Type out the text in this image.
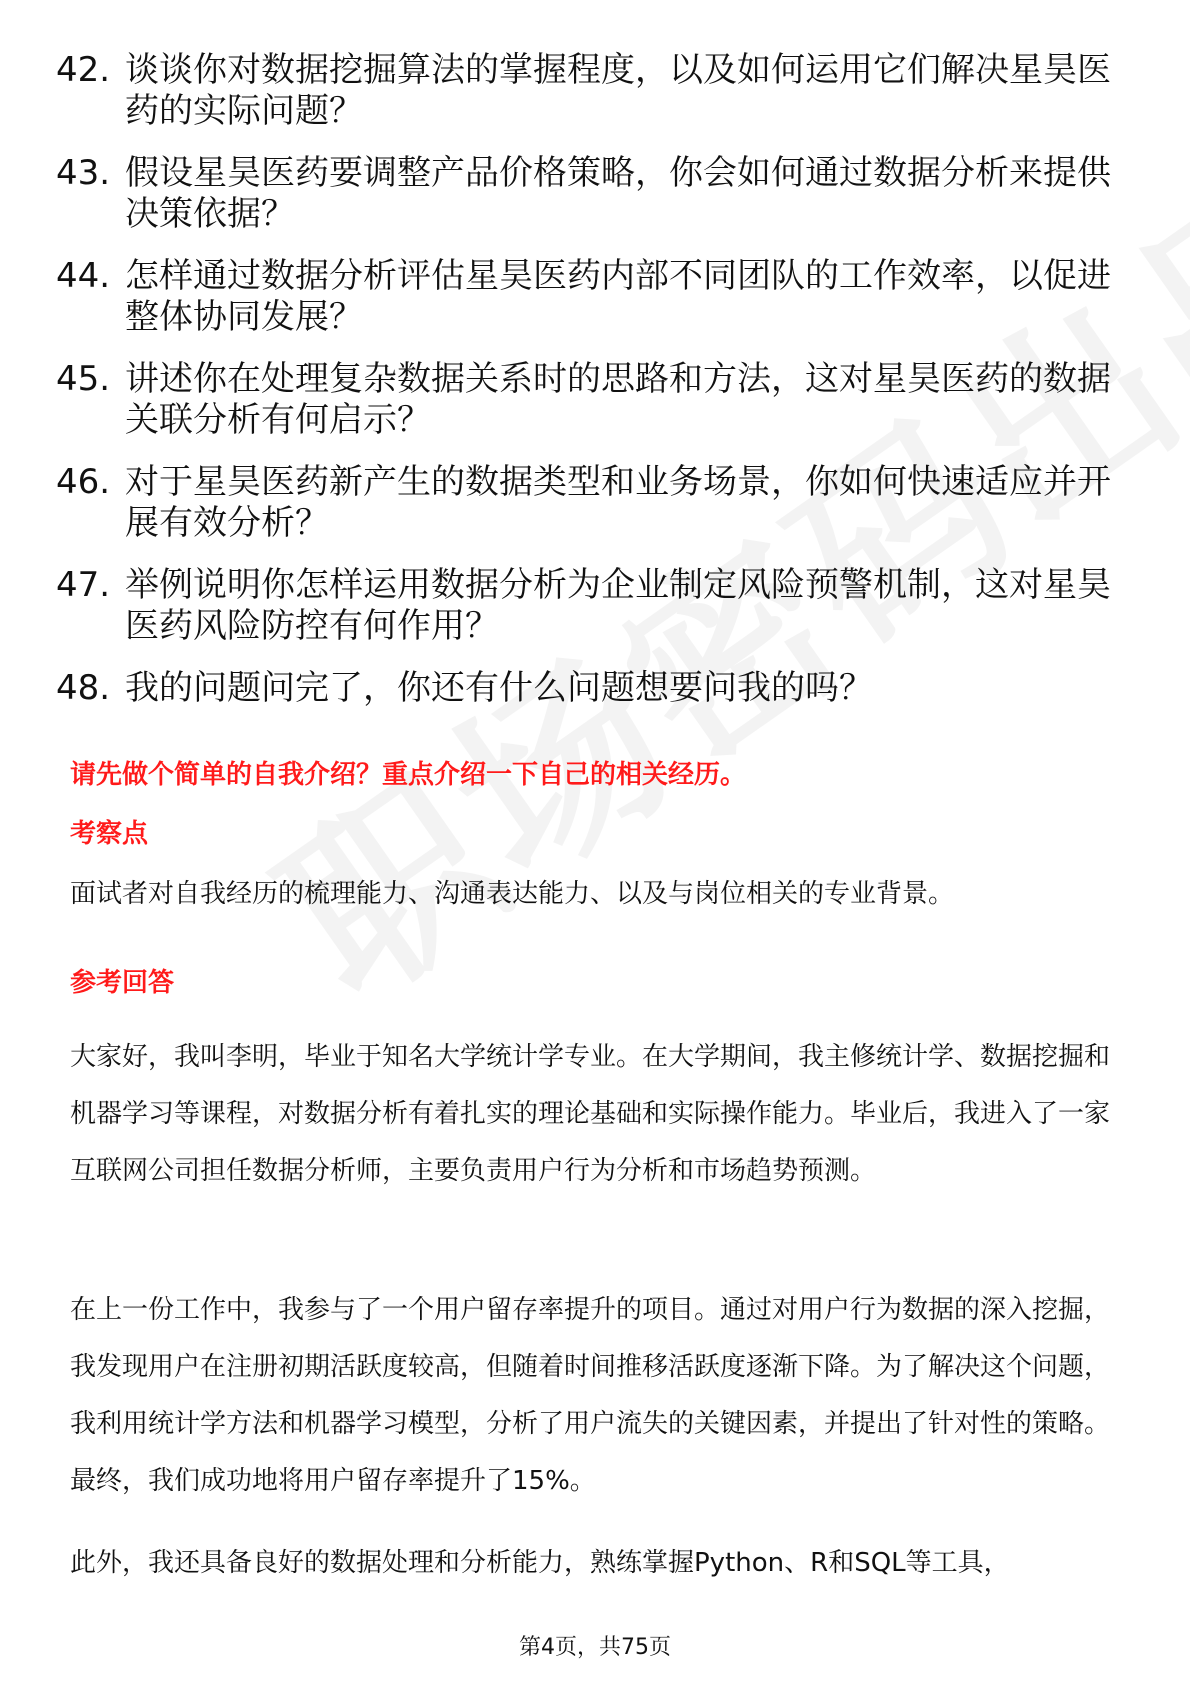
42. 谈谈你对数据挖掘算法的掌握程度，以及如何运用它们解决星昊医药的实际问题？
43. 假设星昊医药要调整产品价格策略，你会如何通过数据分析来提供决策依据？
44. 怎样通过数据分析评估星昊医药内部不同团队的工作效率，以促进整体协同发展？
45. 讲述你在处理复杂数据关系时的思路和方法，这对星昊医药的数据关联分析有何启示？
46. 对于星昊医药新产生的数据类型和业务场景，你如何快速适应并开展有效分析？
47. 举例说明你怎样运用数据分析为企业制定风险预警机制，这对星昊医药风险防控有何作用？
48. 我的问题问完了，你还有什么问题想要问我的吗？
请先做个简单的自我介绍？重点介绍一下自己的相关经历。
考察点
面试者对自我经历的梳理能力、沟通表达能力、以及与岗位相关的专业背景。
参考回答
大家好，我叫李明，毕业于知名大学统计学专业。在大学期间，我主修统计学、数据挖掘和机器学习等课程，对数据分析有着扎实的理论基础和实际操作能力。毕业后，我进入了一家互联网公司担任数据分析师，主要负责用户行为分析和市场趋势预测。
在上一份工作中，我参与了一个用户留存率提升的项目。通过对用户行为数据的深入挖掘，我发现用户在注册初期活跃度较高，但随着时间推移活跃度逐渐下降。为了解决这个问题，我利用统计学方法和机器学习模型，分析了用户流失的关键因素，并提出了针对性的策略。最终，我们成功地将用户留存率提升了15%。
此外，我还具备良好的数据处理和分析能力，熟练掌握Python、R和SQL等工具，
第4页，共75页
